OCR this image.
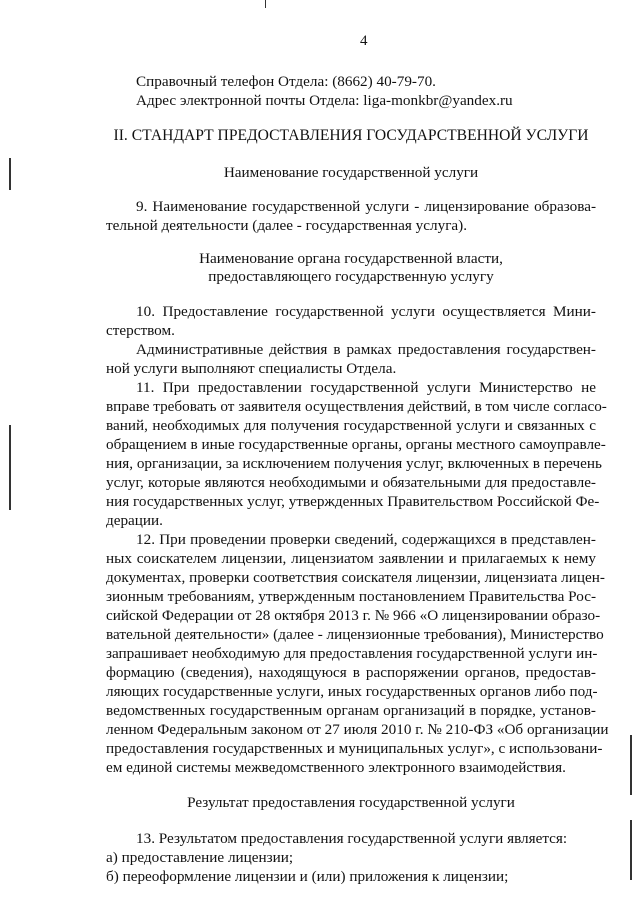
4
Справочный телефон Отдела: (8662) 40-79-70.
Адрес электронной почты Отдела: liga-monkbr@yandex.ru
II. СТАНДАРТ ПРЕДОСТАВЛЕНИЯ ГОСУДАРСТВЕННОЙ УСЛУГИ
Наименование государственной услуги
9. Наименование государственной услуги - лицензирование образова-
тельной деятельности (далее - государственная услуга).
Наименование органа государственной власти,
предоставляющего государственную услугу
10. Предоставление государственной услуги осуществляется Мини-
стерством.
Административные действия в рамках предоставления государствен-
ной услуги выполняют специалисты Отдела.
11. При предоставлении государственной услуги Министерство не
вправе требовать от заявителя осуществления действий, в том числе согласо-
ваний, необходимых для получения государственной услуги и связанных с
обращением в иные государственные органы, органы местного самоуправле-
ния, организации, за исключением получения услуг, включенных в перечень
услуг, которые являются необходимыми и обязательными для предоставле-
ния государственных услуг, утвержденных Правительством Российской Фе-
дерации.
12. При проведении проверки сведений, содержащихся в представлен-
ных соискателем лицензии, лицензиатом заявлении и прилагаемых к нему
документах, проверки соответствия соискателя лицензии, лицензиата лицен-
зионным требованиям, утвержденным постановлением Правительства Рос-
сийской Федерации от 28 октября 2013 г. № 966 «О лицензировании образо-
вательной деятельности» (далее - лицензионные требования), Министерство
запрашивает необходимую для предоставления государственной услуги ин-
формацию (сведения), находящуюся в распоряжении органов, предостав-
ляющих государственные услуги, иных государственных органов либо под-
ведомственных государственным органам организаций в порядке, установ-
ленном Федеральным законом от 27 июля 2010 г. № 210-ФЗ «Об организации
предоставления государственных и муниципальных услуг», с использовани-
ем единой системы межведомственного электронного взаимодействия.
Результат предоставления государственной услуги
13. Результатом предоставления государственной услуги является:
а) предоставление лицензии;
б) переоформление лицензии и (или) приложения к лицензии;
